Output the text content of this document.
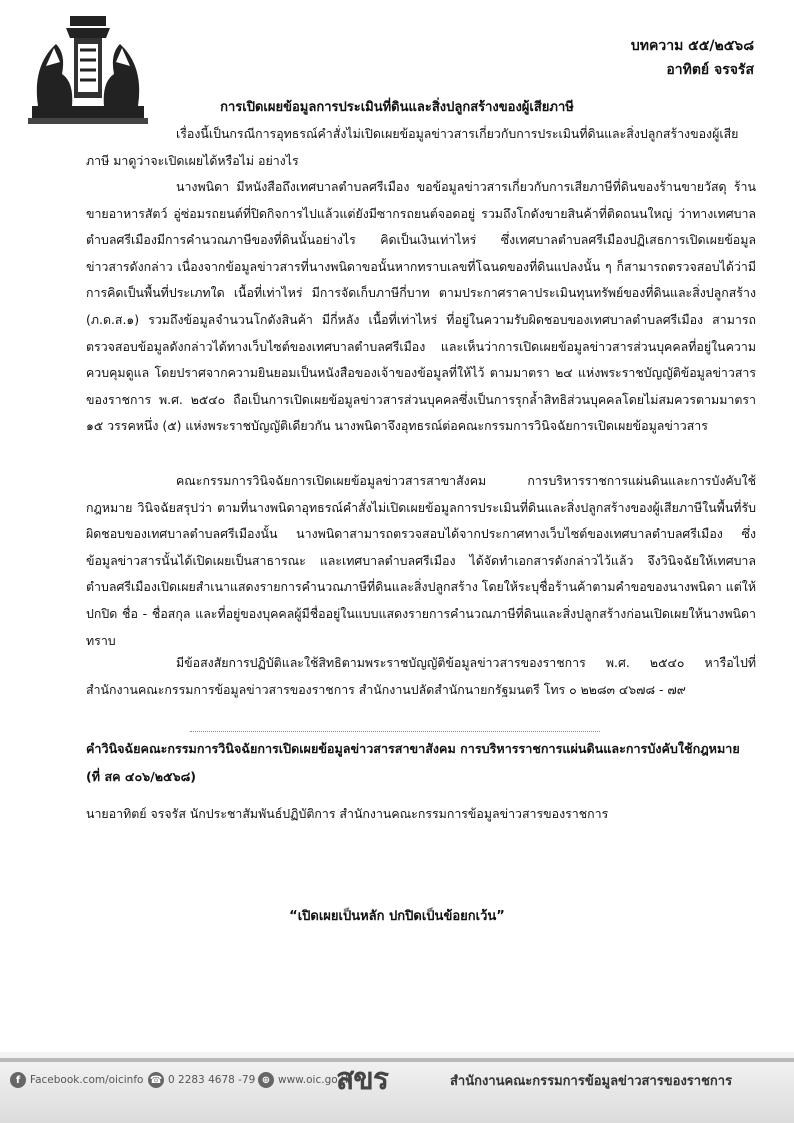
บทความ ๕๕/๒๕๖๘
อาทิตย์ จรจรัส
การเปิดเผยข้อมูลการประเมินที่ดินและสิ่งปลูกสร้างของผู้เสียภาษี
เรื่องนี้เป็นกรณีการอุทธรณ์คำสั่งไม่เปิดเผยข้อมูลข่าวสารเกี่ยวกับการประเมินที่ดินและสิ่งปลูกสร้างของผู้เสียภาษี มาดูว่าจะเปิดเผยได้หรือไม่ อย่างไร
นางพนิดา มีหนังสือถึงเทศบาลตำบลศรีเมือง ขอข้อมูลข่าวสารเกี่ยวกับการเสียภาษีที่ดินของร้านขายวัสดุ ร้านขายอาหารสัตว์ อู่ซ่อมรถยนต์ที่ปิดกิจการไปแล้วแต่ยังมีซากรถยนต์จอดอยู่ รวมถึงโกดังขายสินค้าที่ติดถนนใหญ่ ว่าทางเทศบาลตำบลศรีเมืองมีการคำนวณภาษีของที่ดินนั้นอย่างไร คิดเป็นเงินเท่าไหร่ ซึ่งเทศบาลตำบลศรีเมืองปฏิเสธการเปิดเผยข้อมูลข่าวสารดังกล่าว เนื่องจากข้อมูลข่าวสารที่นางพนิดาขอนั้นหากทราบเลขที่โฉนดของที่ดินแปลงนั้น ๆ ก็สามารถตรวจสอบได้ว่ามีการคิดเป็นพื้นที่ประเภทใด เนื้อที่เท่าไหร่ มีการจัดเก็บภาษีกี่บาท ตามประกาศราคาประเมินทุนทรัพย์ของที่ดินและสิ่งปลูกสร้าง (ภ.ด.ส.๑) รวมถึงข้อมูลจำนวนโกดังสินค้า มีกี่หลัง เนื้อที่เท่าไหร่ ที่อยู่ในความรับผิดชอบของเทศบาลตำบลศรีเมือง สามารถตรวจสอบข้อมูลดังกล่าวได้ทางเว็บไซต์ของเทศบาลตำบลศรีเมือง และเห็นว่าการเปิดเผยข้อมูลข่าวสารส่วนบุคคลที่อยู่ในความควบคุมดูแล โดยปราศจากความยินยอมเป็นหนังสือของเจ้าของข้อมูลที่ให้ไว้ ตามมาตรา ๒๔ แห่งพระราชบัญญัติข้อมูลข่าวสารของราชการ พ.ศ. ๒๕๔๐ ถือเป็นการเปิดเผยข้อมูลข่าวสารส่วนบุคคลซึ่งเป็นการรุกล้ำสิทธิส่วนบุคคลโดยไม่สมควรตามมาตรา ๑๕ วรรคหนึ่ง (๕) แห่งพระราชบัญญัติเดียวกัน นางพนิดาจึงอุทธรณ์ต่อคณะกรรมการวินิจฉัยการเปิดเผยข้อมูลข่าวสาร
คณะกรรมการวินิจฉัยการเปิดเผยข้อมูลข่าวสารสาขาสังคม การบริหารราชการแผ่นดินและการบังคับใช้กฎหมาย วินิจฉัยสรุปว่า ตามที่นางพนิดาอุทธรณ์คำสั่งไม่เปิดเผยข้อมูลการประเมินที่ดินและสิ่งปลูกสร้างของผู้เสียภาษีในพื้นที่รับผิดชอบของเทศบาลตำบลศรีเมืองนั้น นางพนิดาสามารถตรวจสอบได้จากประกาศทางเว็บไซต์ของเทศบาลตำบลศรีเมือง ซึ่งข้อมูลข่าวสารนั้นได้เปิดเผยเป็นสาธารณะ และเทศบาลตำบลศรีเมือง ได้จัดทำเอกสารดังกล่าวไว้แล้ว จึงวินิจฉัยให้เทศบาลตำบลศรีเมืองเปิดเผยสำเนาแสดงรายการคำนวณภาษีที่ดินและสิ่งปลูกสร้าง โดยให้ระบุชื่อร้านค้าตามคำขอของนางพนิดา แต่ให้ปกปิด ชื่อ - ชื่อสกุล และที่อยู่ของบุคคลผู้มีชื่ออยู่ในแบบแสดงรายการคำนวณภาษีที่ดินและสิ่งปลูกสร้างก่อนเปิดเผยให้นางพนิดาทราบ
มีข้อสงสัยการปฏิบัติและใช้สิทธิตามพระราชบัญญัติข้อมูลข่าวสารของราชการ พ.ศ. ๒๕๔๐ หารือไปที่ สำนักงานคณะกรรมการข้อมูลข่าวสารของราชการ สำนักงานปลัดสำนักนายกรัฐมนตรี โทร ๐ ๒๒๘๓ ๔๖๗๘ - ๗๙
คำวินิจฉัยคณะกรรมการวินิจฉัยการเปิดเผยข้อมูลข่าวสารสาขาสังคม การบริหารราชการแผ่นดินและการบังคับใช้กฎหมาย (ที่ สค ๔๐๖/๒๕๖๘)
นายอาทิตย์ จรจรัส นักประชาสัมพันธ์ปฏิบัติการ สำนักงานคณะกรรมการข้อมูลข่าวสารของราชการ
“เปิดเผยเป็นหลัก ปกปิดเป็นข้อยกเว้น”
f Facebook.com/oicinfo ☎ 0 2283 4678 -79 ⊕ www.oic.go.th
สขร	สำนักงานคณะกรรมการข้อมูลข่าวสารของราชการ
